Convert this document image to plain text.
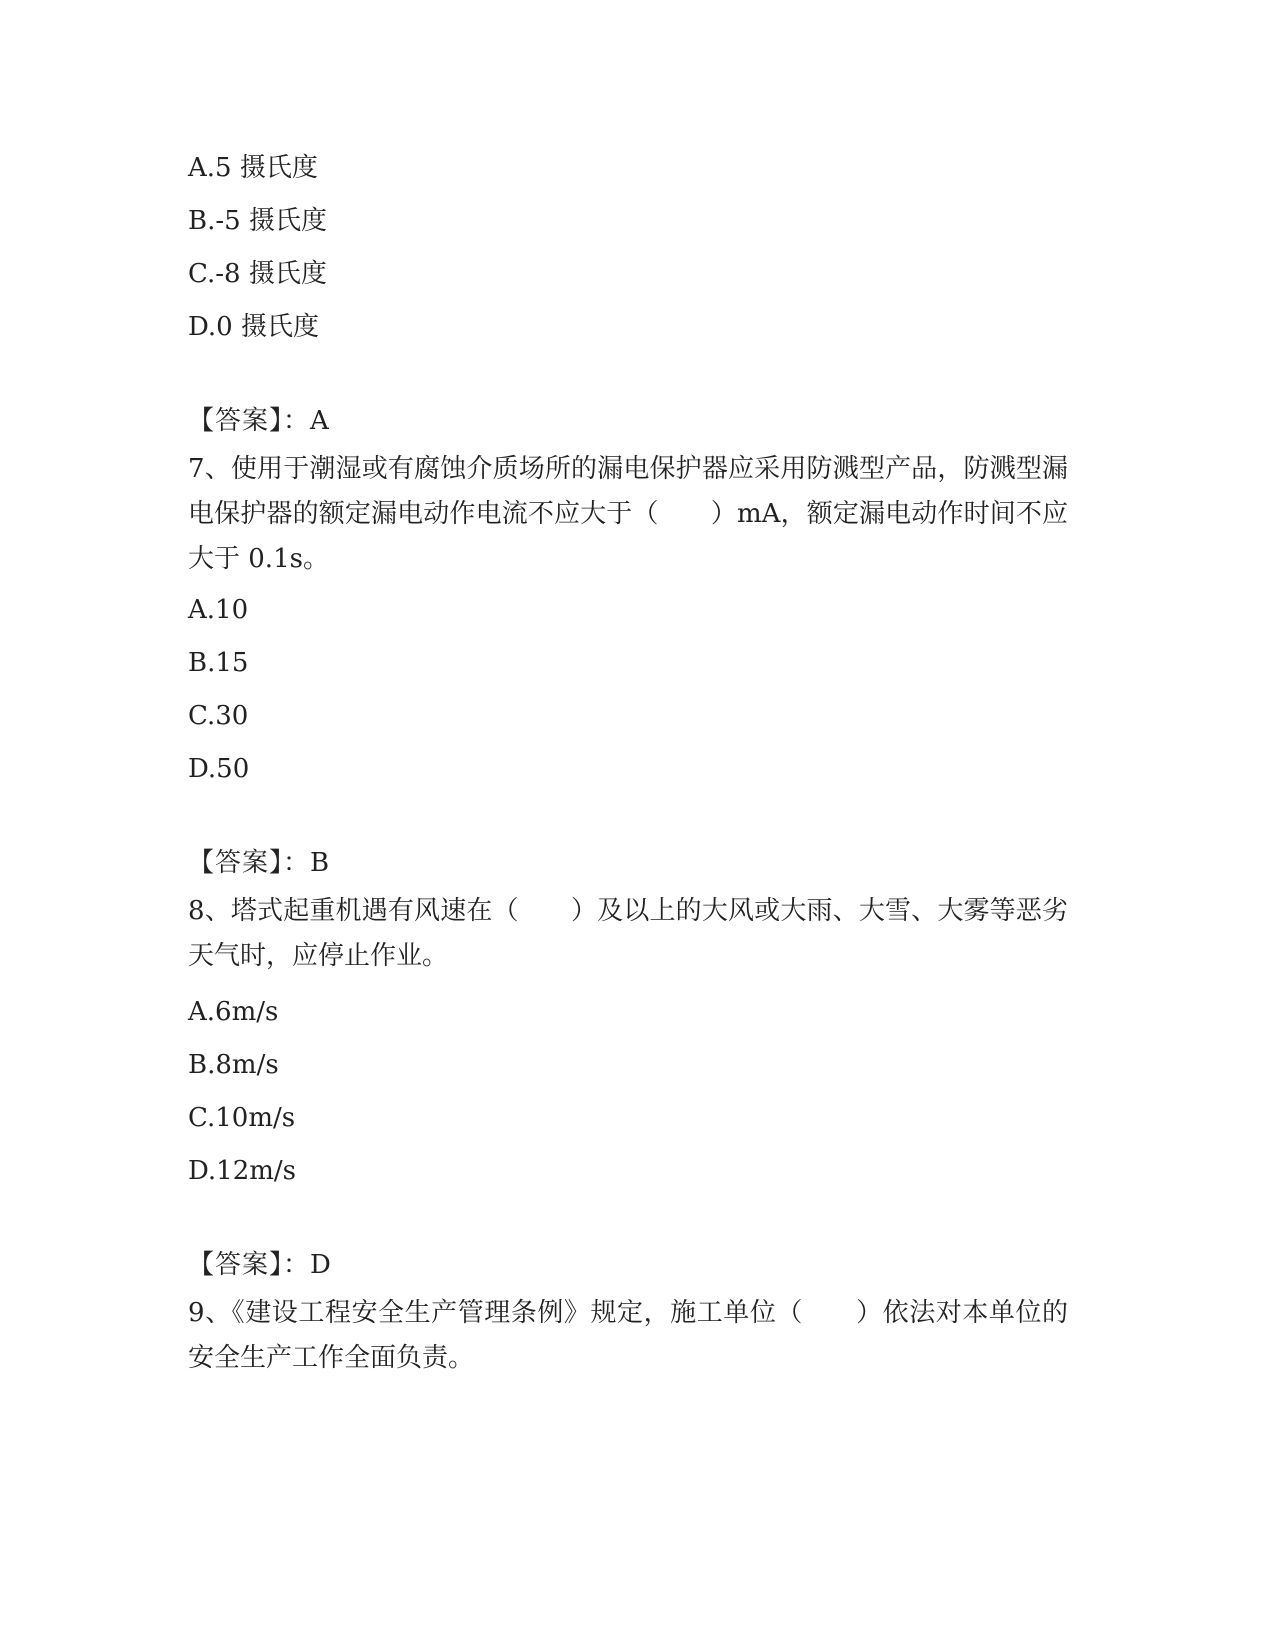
A.5 摄氏度
B.-5 摄氏度
C.-8 摄氏度
D.0 摄氏度
【答案】：A
7、使用于潮湿或有腐蚀介质场所的漏电保护器应采用防溅型产品，防溅型漏电保护器的额定漏电动作电流不应大于（　　）mA，额定漏电动作时间不应大于 0.1s。
A.10
B.15
C.30
D.50
【答案】：B
8、塔式起重机遇有风速在（　　）及以上的大风或大雨、大雪、大雾等恶劣天气时，应停止作业。
A.6m/s
B.8m/s
C.10m/s
D.12m/s
【答案】：D
9、《建设工程安全生产管理条例》规定，施工单位（　　）依法对本单位的安全生产工作全面负责。
